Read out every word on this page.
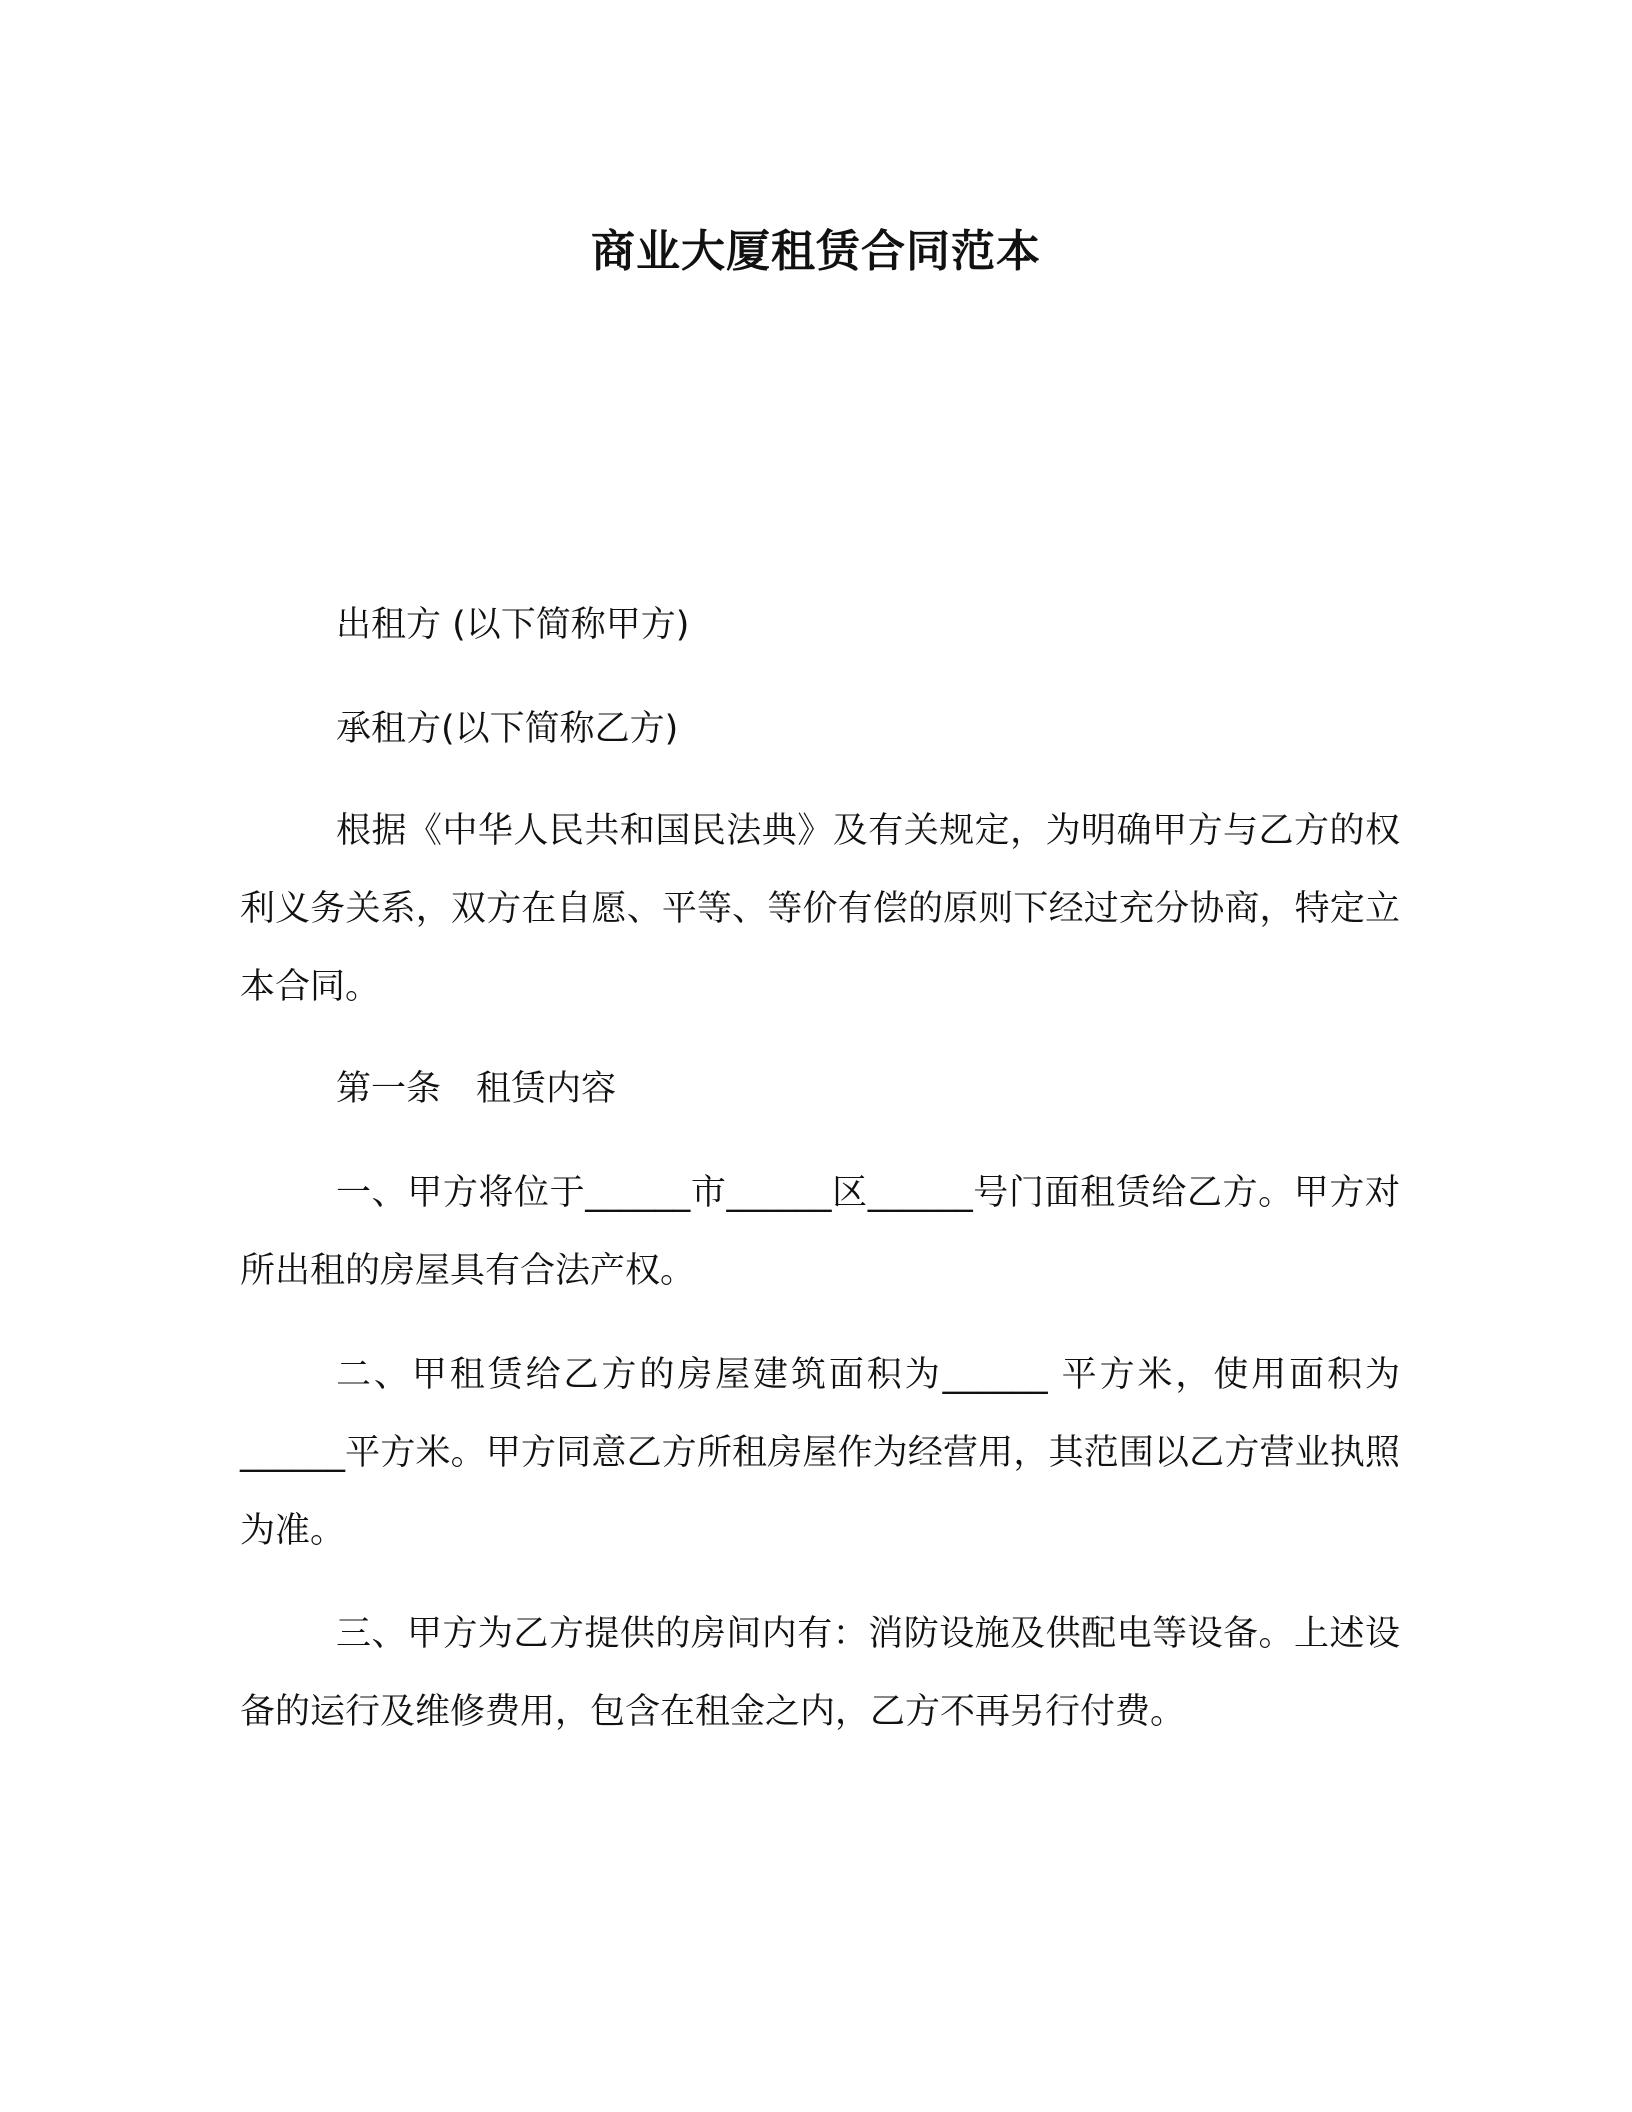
商业大厦租赁合同范本

出租方 (以下简称甲方)

承租方(以下简称乙方)

根据《中华人民共和国民法典》及有关规定，为明确甲方与乙方的权利义务关系，双方在自愿、平等、等价有偿的原则下经过充分协商，特定立本合同。

第一条　租赁内容

一、甲方将位于______市______区______号门面租赁给乙方。甲方对所出租的房屋具有合法产权。

二、甲租赁给乙方的房屋建筑面积为______ 平方米，使用面积为______平方米。甲方同意乙方所租房屋作为经营用，其范围以乙方营业执照为准。

三、甲方为乙方提供的房间内有：消防设施及供配电等设备。上述设备的运行及维修费用，包含在租金之内，乙方不再另行付费。
